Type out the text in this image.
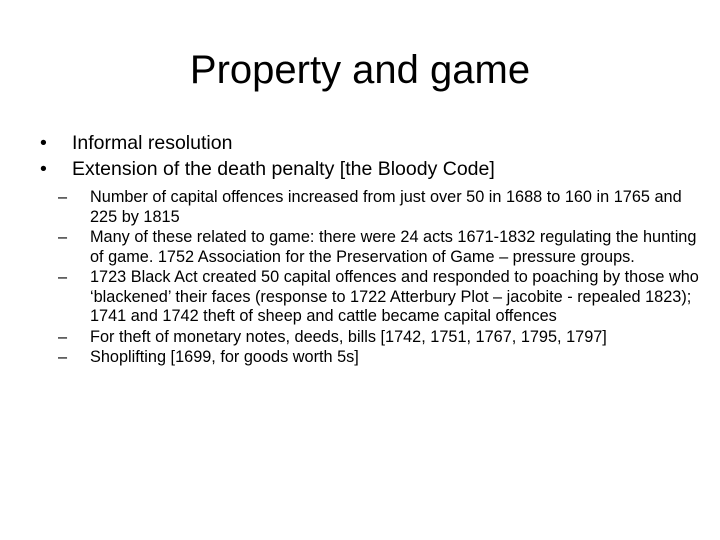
Property and game
•	Informal resolution
•	Extension of the death penalty [the Bloody Code]
–	Number of capital offences increased from just over 50 in 1688 to 160 in 1765 and 225 by 1815
–	Many of these related to game: there were 24 acts 1671-1832 regulating the hunting of game. 1752 Association for the Preservation of Game – pressure groups.
–	1723 Black Act created 50 capital offences and responded to poaching by those who ‘blackened’ their faces (response to 1722 Atterbury Plot – jacobite - repealed 1823); 1741 and 1742 theft of sheep and cattle became capital offences
–	For theft of monetary notes, deeds, bills [1742, 1751, 1767, 1795, 1797]
–	Shoplifting [1699, for goods worth 5s]
